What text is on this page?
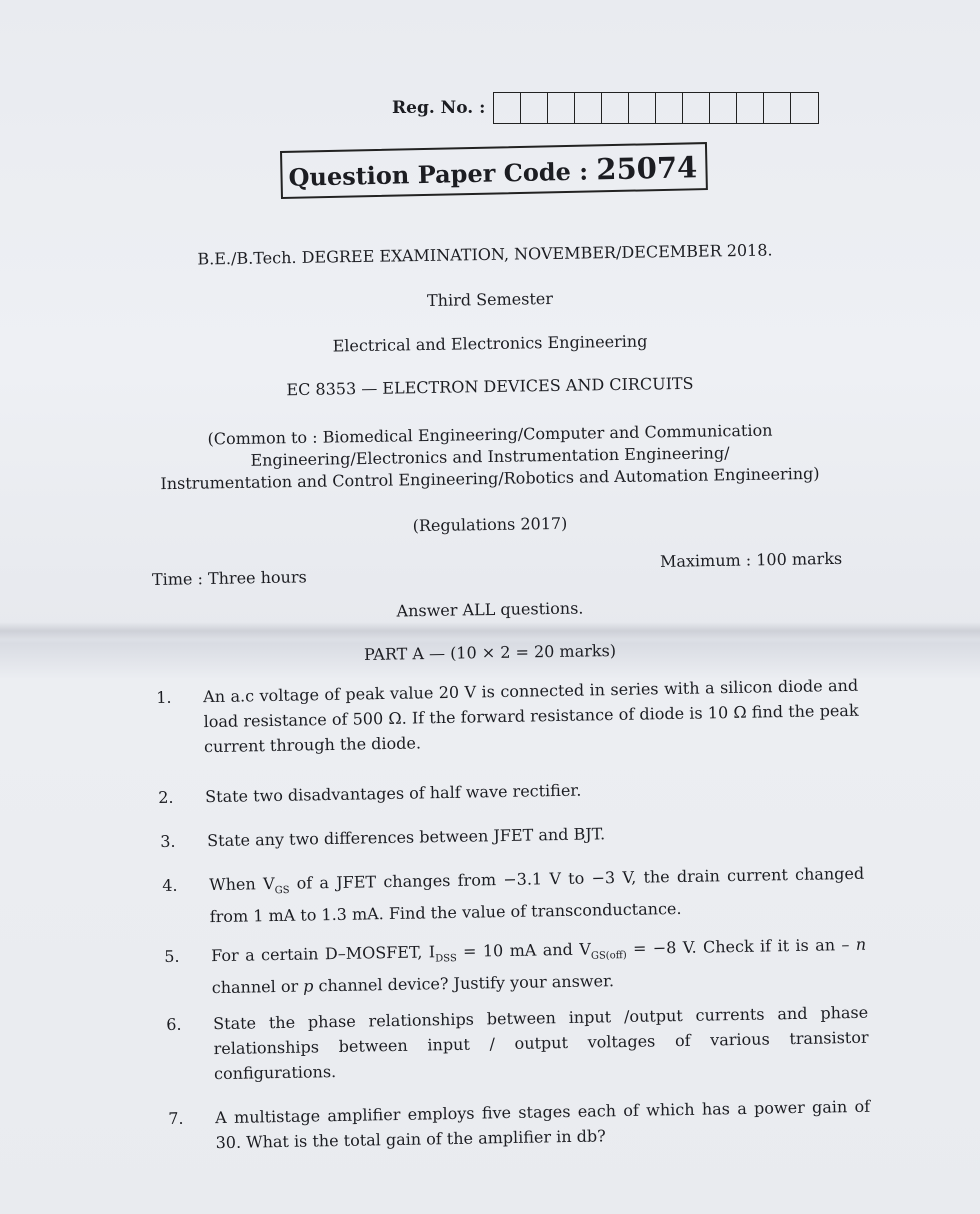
Reg. No. :
Question Paper Code : 25074
B.E./B.Tech. DEGREE EXAMINATION, NOVEMBER/DECEMBER 2018.
Third Semester
Electrical and Electronics Engineering
EC 8353 — ELECTRON DEVICES AND CIRCUITS
(Common to : Biomedical Engineering/Computer and Communication
Engineering/Electronics and Instrumentation Engineering/
Instrumentation and Control Engineering/Robotics and Automation Engineering)
(Regulations 2017)
Time : Three hours
Maximum : 100 marks
Answer ALL questions.
PART A — (10 × 2 = 20 marks)
1.	An a.c voltage of peak value 20 V is connected in series with a silicon diode and load resistance of 500 Ω. If the forward resistance of diode is 10 Ω find the peak current through the diode.
2.	State two disadvantages of half wave rectifier.
3.	State any two differences between JFET and BJT.
4.	When $V_{GS}$ of a JFET changes from −3.1 V to −3 V, the drain current changed from 1 mA to 1.3 mA. Find the value of transconductance.
5.	For a certain D–MOSFET, $I_{DSS} = 10$ mA and $V_{GS(off)} = -8$ V. Check if it is an – n channel or p channel device? Justify your answer.
6.	State the phase relationships between input /output currents and phase relationships between input / output voltages of various transistor configurations.
7.	A multistage amplifier employs five stages each of which has a power gain of 30. What is the total gain of the amplifier in db?
